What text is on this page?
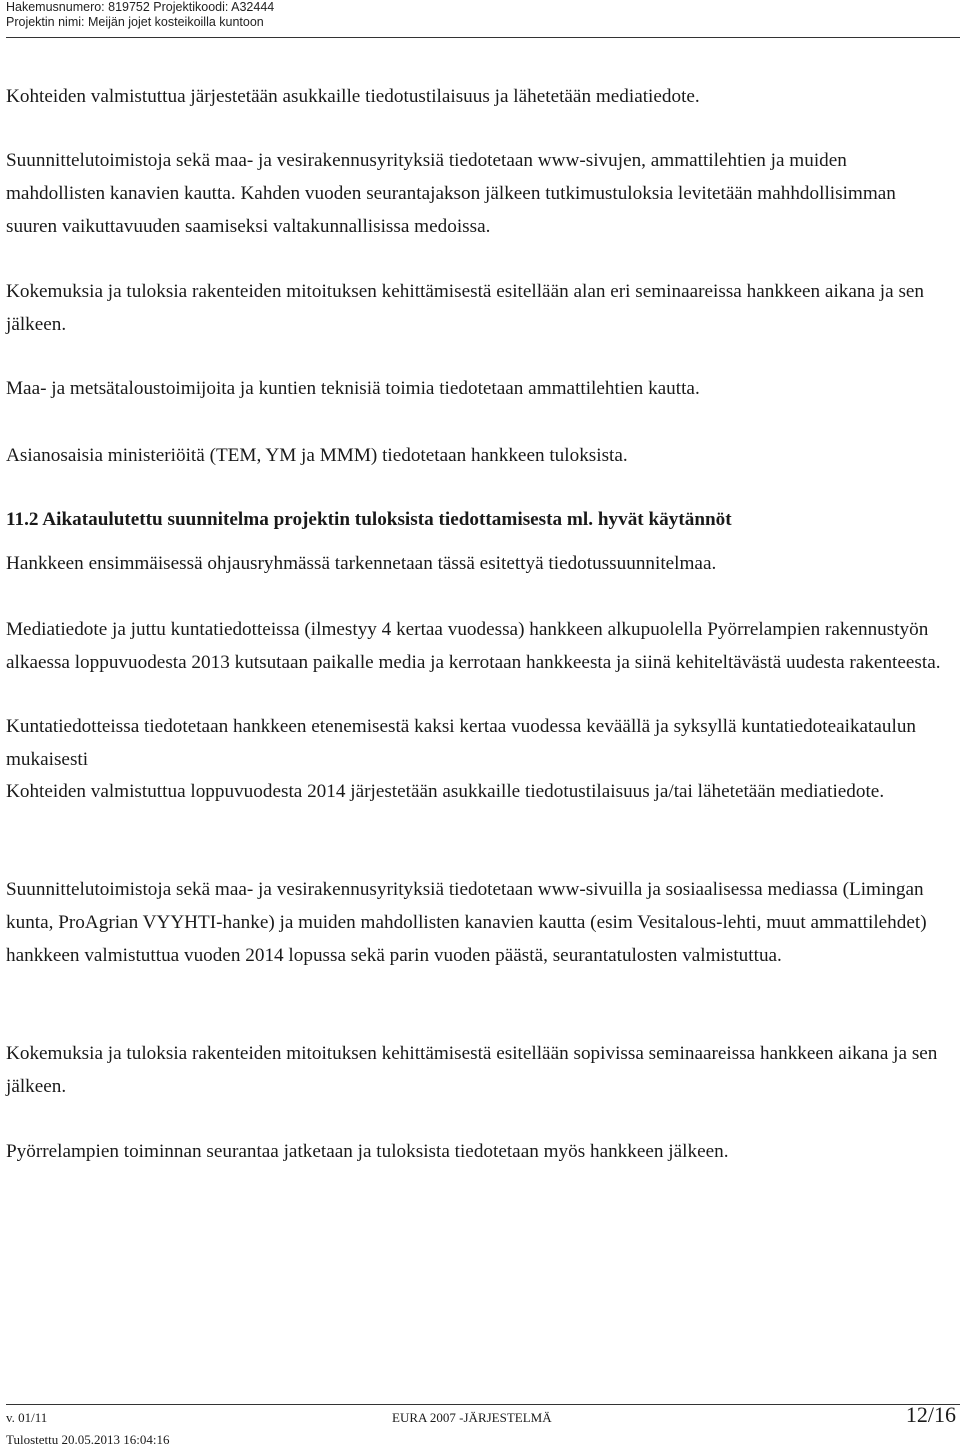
Hakemusnumero: 819752 Projektikoodi: A32444
Projektin nimi: Meijän jojet kosteikoilla kuntoon

Kohteiden valmistuttua järjestetään asukkaille tiedotustilaisuus ja lähetetään mediatiedote.

Suunnittelutoimistoja sekä maa- ja vesirakennusyrityksiä tiedotetaan www-sivujen, ammattilehtien ja muiden mahdollisten kanavien kautta. Kahden vuoden seurantajakson jälkeen tutkimustuloksia levitetään mahhdollisimman suuren vaikuttavuuden saamiseksi valtakunnallisissa medoissa.

Kokemuksia ja tuloksia rakenteiden mitoituksen kehittämisestä esitellään alan eri seminaareissa hankkeen aikana ja sen jälkeen.

Maa- ja metsätaloustoimijoita ja kuntien teknisiä toimia tiedotetaan ammattilehtien kautta.

Asianosaisia ministeriöitä (TEM, YM ja MMM) tiedotetaan hankkeen tuloksista.

11.2 Aikataulutettu suunnitelma projektin tuloksista tiedottamisesta ml. hyvät käytännöt

Hankkeen ensimmäisessä ohjausryhmässä tarkennetaan tässä esitettyä tiedotussuunnitelmaa.

Mediatiedote ja juttu kuntatiedotteissa (ilmestyy 4 kertaa vuodessa) hankkeen alkupuolella Pyörrelampien rakennustyön alkaessa loppuvuodesta 2013 kutsutaan paikalle media ja kerrotaan hankkeesta ja siinä kehiteltävästä uudesta rakenteesta.

Kuntatiedotteissa tiedotetaan hankkeen etenemisestä kaksi kertaa vuodessa keväällä ja syksyllä kuntatiedoteaikataulun mukaisesti

Kohteiden valmistuttua loppuvuodesta 2014 järjestetään asukkaille tiedotustilaisuus ja/tai lähetetään mediatiedote.

Suunnittelutoimistoja sekä maa- ja vesirakennusyrityksiä tiedotetaan www-sivuilla ja sosiaalisessa mediassa (Limingan kunta, ProAgrian VYYHTI-hanke) ja muiden mahdollisten kanavien kautta (esim Vesitalous-lehti, muut ammattilehdet) hankkeen valmistuttua vuoden 2014 lopussa sekä parin vuoden päästä, seurantatulosten valmistuttua.

Kokemuksia ja tuloksia rakenteiden mitoituksen kehittämisestä esitellään sopivissa seminaareissa hankkeen aikana ja sen jälkeen.

Pyörrelampien toiminnan seurantaa jatketaan ja tuloksista tiedotetaan myös hankkeen jälkeen.

v. 01/11
Tulostettu 20.05.2013 16:04:16
EURA 2007 -JÄRJESTELMÄ	12/16
